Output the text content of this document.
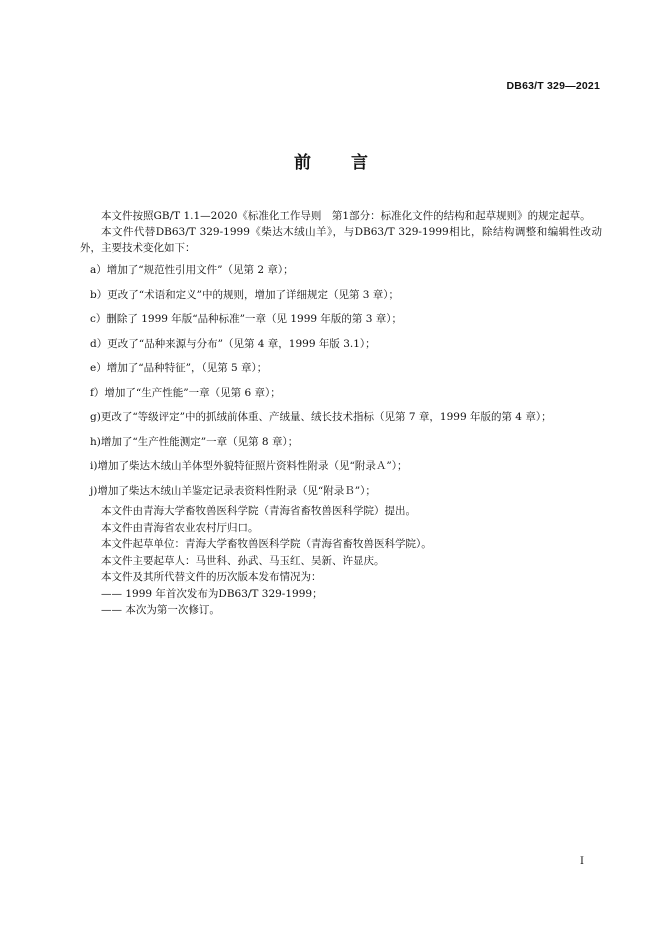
DB63/T 329—2021
前 言

本文件按照GB/T 1.1—2020《标准化工作导则　第1部分：标准化文件的结构和起草规则》的规定起草。

本文件代替DB63/T 329-1999《柴达木绒山羊》，与DB63/T 329-1999相比，除结构调整和编辑性改动外，主要技术变化如下：

a）增加了“规范性引用文件”（见第 2 章）；
b）更改了“术语和定义”中的规则，增加了详细规定（见第 3 章）；
c）删除了 1999 年版“品种标准”一章（见 1999 年版的第 3 章）；
d）更改了“品种来源与分布”（见第 4 章，1999 年版 3.1）；
e）增加了“品种特征”，（见第 5 章）；
f）增加了“生产性能”一章（见第 6 章）；
g)更改了“等级评定”中的抓绒前体重、产绒量、绒长技术指标（见第 7 章，1999 年版的第 4 章）；
h)增加了“生产性能测定”一章（见第 8 章）；
i)增加了柴达木绒山羊体型外貌特征照片资料性附录（见“附录Ａ”）；
j)增加了柴达木绒山羊鉴定记录表资料性附录（见“附录Ｂ”）；
本文件由青海大学畜牧兽医科学院（青海省畜牧兽医科学院）提出。
本文件由青海省农业农村厅归口。
本文件起草单位：青海大学畜牧兽医科学院（青海省畜牧兽医科学院）。
本文件主要起草人：马世科、孙武、马玉红、吴新、许显庆。
本文件及其所代替文件的历次版本发布情况为：
—— 1999 年首次发布为DB63/T 329-1999；
—— 本次为第一次修订。
I
